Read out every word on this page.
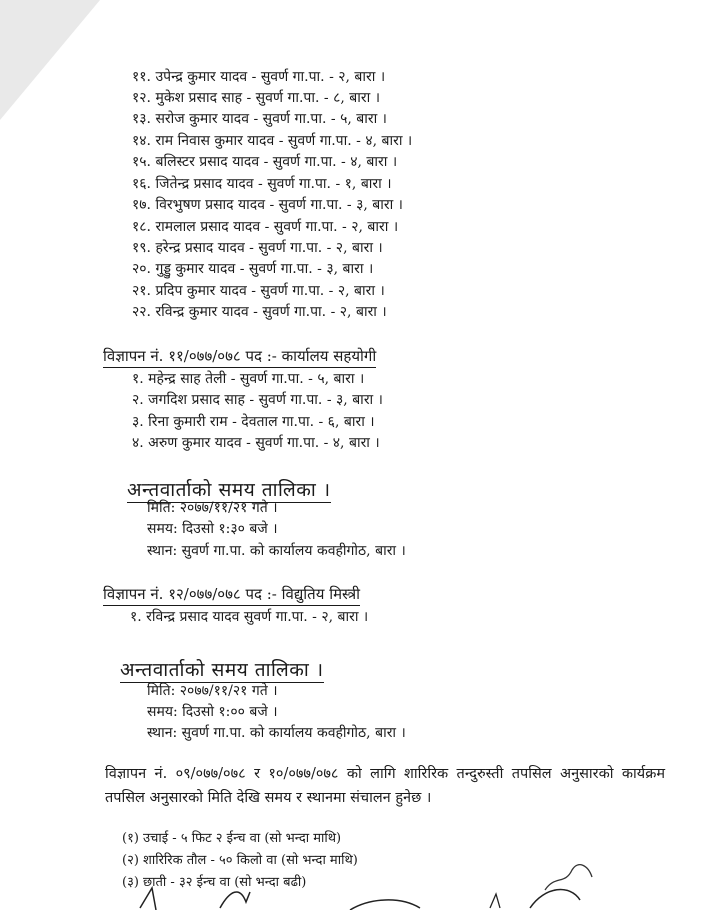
११. उपेन्द्र कुमार यादव - सुवर्ण गा.पा. - २, बारा ।
१२. मुकेश प्रसाद साह - सुवर्ण गा.पा. - ८, बारा ।
१३. सरोज कुमार यादव - सुवर्ण गा.पा. - ५, बारा ।
१४. राम निवास कुमार यादव - सुवर्ण गा.पा. - ४, बारा ।
१५. बलिस्टर प्रसाद यादव - सुवर्ण गा.पा. - ४, बारा ।
१६. जितेन्द्र प्रसाद यादव - सुवर्ण गा.पा. - १, बारा ।
१७. विरभुषण प्रसाद यादव - सुवर्ण गा.पा. - ३, बारा ।
१८. रामलाल प्रसाद यादव - सुवर्ण गा.पा. - २, बारा ।
१९. हरेन्द्र प्रसाद यादव - सुवर्ण गा.पा. - २, बारा ।
२०. गुड्डु कुमार यादव - सुवर्ण गा.पा. - ३, बारा ।
२१. प्रदिप कुमार यादव - सुवर्ण गा.पा. - २, बारा ।
२२. रविन्द्र कुमार यादव - सुवर्ण गा.पा. - २, बारा ।
विज्ञापन नं. ११/०७७/०७८ पद :- कार्यालय सहयोगी
१. महेन्द्र साह तेली - सुवर्ण गा.पा. - ५, बारा ।
२. जगदिश प्रसाद साह - सुवर्ण गा.पा. - ३, बारा ।
३. रिना कुमारी राम - देवताल गा.पा. - ६, बारा ।
४. अरुण कुमार यादव - सुवर्ण गा.पा. - ४, बारा ।
अन्तवार्ताको समय तालिका ।
मिति: २०७७/११/२१ गते ।
समय: दिउसो १:३० बजे ।
स्थान: सुवर्ण गा.पा. को कार्यालय कवहीगोठ, बारा ।
विज्ञापन नं. १२/०७७/०७८ पद :- विद्युतिय मिस्त्री
१. रविन्द्र प्रसाद यादव सुवर्ण गा.पा. - २, बारा ।
अन्तवार्ताको समय तालिका ।
मिति: २०७७/११/२१ गते ।
समय: दिउसो १:०० बजे ।
स्थान: सुवर्ण गा.पा. को कार्यालय कवहीगोठ, बारा ।
विज्ञापन नं. ०९/०७७/०७८ र १०/०७७/०७८ को लागि शारिरिक तन्दुरुस्ती तपसिल अनुसारको कार्यक्रम तपसिल अनुसारको मिति देखि समय र स्थानमा संचालन हुनेछ ।
(१) उचाई - ५ फिट २ ईन्च वा (सो भन्दा माथि)
(२) शारिरिक तौल - ५० किलो वा (सो भन्दा माथि)
(३) छाती - ३२ ईन्च वा (सो भन्दा बढी)
